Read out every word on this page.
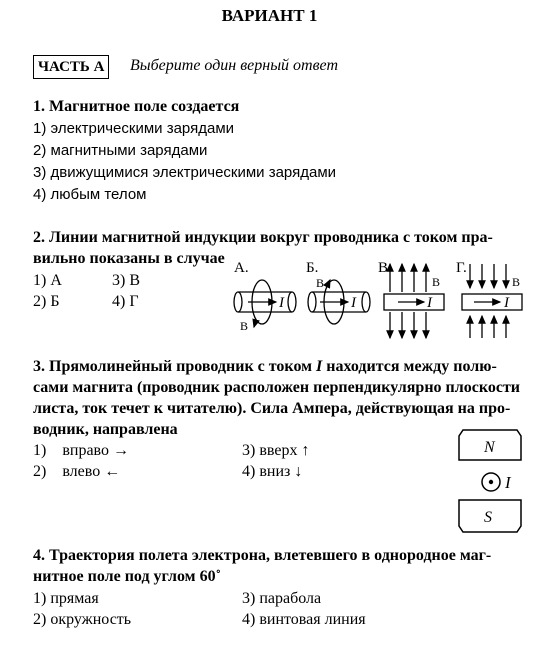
ВАРИАНТ 1
ЧАСТЬ А	Выберите один верный ответ
1. Магнитное поле создается
1) электрическими зарядами
2) магнитными зарядами
3) движущимися электрическими зарядами
4) любым телом
2. Линии магнитной индукции вокруг проводника с током пра-
вильно показаны в случае
1) А	3) В
2) Б	4) Г
А.
I
B
Б.
I
B
В.
I
B
Г.
I
B
3. Прямолинейный проводник с током I находится между полю-
сами магнита (проводник расположен перпендикулярно плоскости
листа, ток течет к читателю). Сила Ампера, действующая на про-
водник, направлена
1)    вправо →	3) вверх ↑
2)    влево ←	4) вниз ↓
N
I
S
4. Траектория полета электрона, влетевшего в однородное маг-
нитное поле под углом 60˚
1) прямая	3) парабола
2) окружность	4) винтовая линия
